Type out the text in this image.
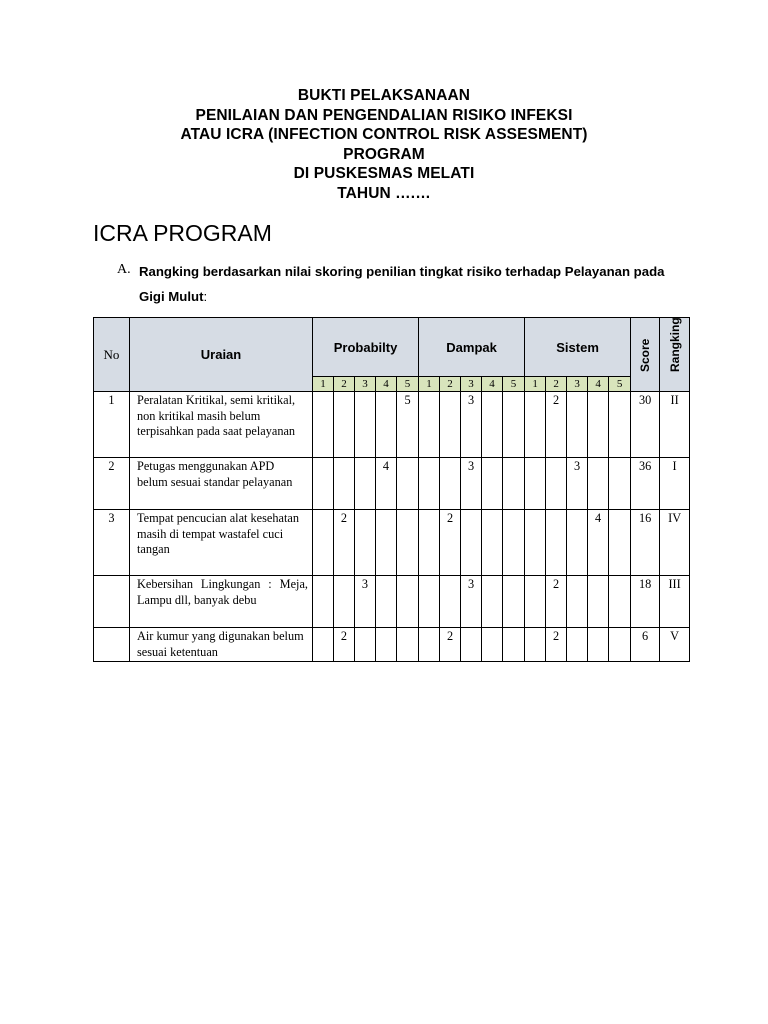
BUKTI PELAKSANAAN
PENILAIAN DAN PENGENDALIAN RISIKO INFEKSI
ATAU ICRA (INFECTION CONTROL RISK ASSESMENT)
PROGRAM
DI PUSKESMAS MELATI
TAHUN ….…
ICRA PROGRAM
A. Rangking berdasarkan nilai skoring penilian tingkat risiko terhadap Pelayanan pada Gigi Mulut:
No	Uraian	Probabilty					Dampak					Sistem					Score	Rangking

		1	2	3	4	5	1	2	3	4	5	1	2	3	4	5		
1	Peralatan Kritikal, semi kritikal, non kritikal masih belum terpisahkan pada saat pelayanan					5			3				2				30	II
2	Petugas menggunakan APD belum sesuai standar pelayanan				4				3					3			36	I
3	Tempat pencucian alat kesehatan masih di tempat wastafel cuci tangan		2					2							4		16	IV
	Kebersihan Lingkungan : Meja, Lampu dll, banyak debu			3					3				2				18	III
	Air kumur yang digunakan belum sesuai ketentuan		2					2					2				6	V
